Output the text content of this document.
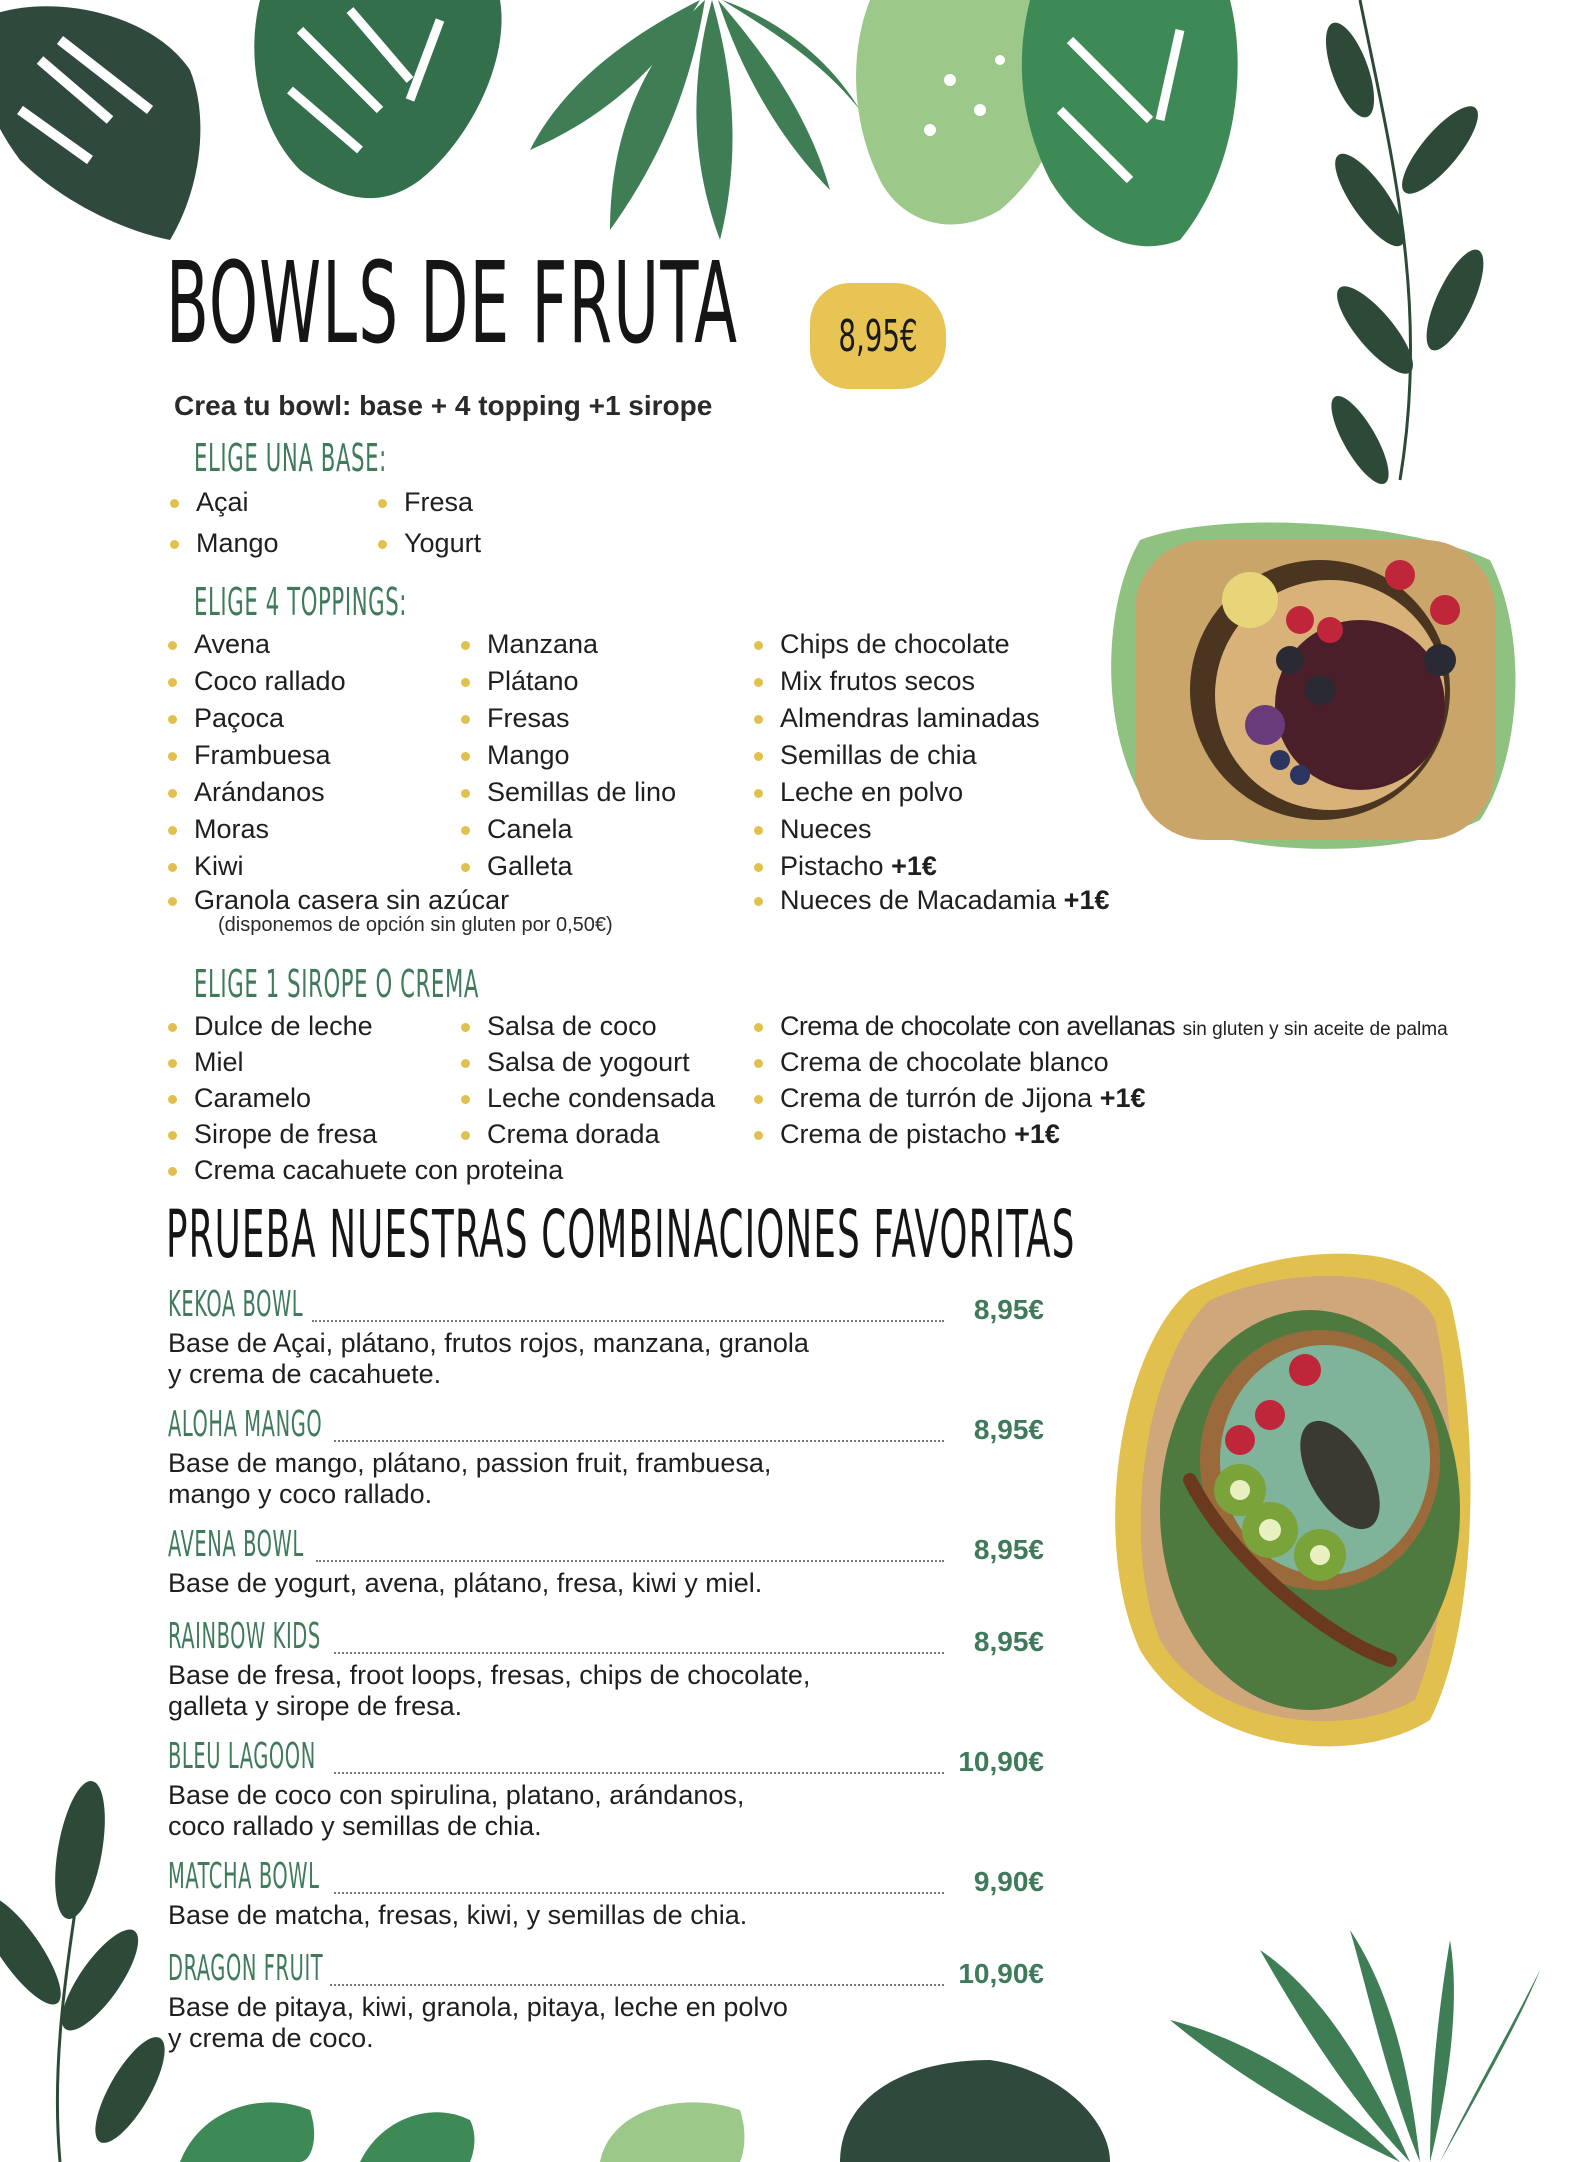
BOWLS DE FRUTA 8,95€
Crea tu bowl: base + 4 topping +1 sirope
ELIGE UNA BASE:
Açai
Mango
Fresa
Yogurt
ELIGE 4 TOPPINGS:
Avena
Coco rallado
Paçoca
Frambuesa
Arándanos
Moras
Kiwi
Granola casera sin azúcar
(disponemos de opción sin gluten por 0,50€)
Manzana
Plátano
Fresas
Mango
Semillas de lino
Canela
Galleta
Chips de chocolate
Mix frutos secos
Almendras laminadas
Semillas de chia
Leche en polvo
Nueces
Pistacho +1€
Nueces de Macadamia +1€
ELIGE 1 SIROPE O CREMA
Dulce de leche
Miel
Caramelo
Sirope de fresa
Crema cacahuete con proteina
Salsa de coco
Salsa de yogourt
Leche condensada
Crema dorada
Crema de chocolate con avellanas sin gluten y sin aceite de palma
Crema de chocolate blanco
Crema de turrón de Jijona +1€
Crema de pistacho +1€
PRUEBA NUESTRAS COMBINACIONES FAVORITAS
KEKOA BOWL	8,95€
Base de Açai, plátano, frutos rojos, manzana, granola
y crema de cacahuete.
ALOHA MANGO	8,95€
Base de mango, plátano, passion fruit, frambuesa,
mango y coco rallado.
AVENA BOWL	8,95€
Base de yogurt, avena, plátano, fresa, kiwi y miel.
RAINBOW KIDS	8,95€
Base de fresa, froot loops, fresas, chips de chocolate,
galleta y sirope de fresa.
BLEU LAGOON	10,90€
Base de coco con spirulina, platano, arándanos,
coco rallado y semillas de chia.
MATCHA BOWL	9,90€
Base de matcha, fresas, kiwi, y semillas de chia.
DRAGON FRUIT	10,90€
Base de pitaya, kiwi, granola, pitaya, leche en polvo
y crema de coco.
